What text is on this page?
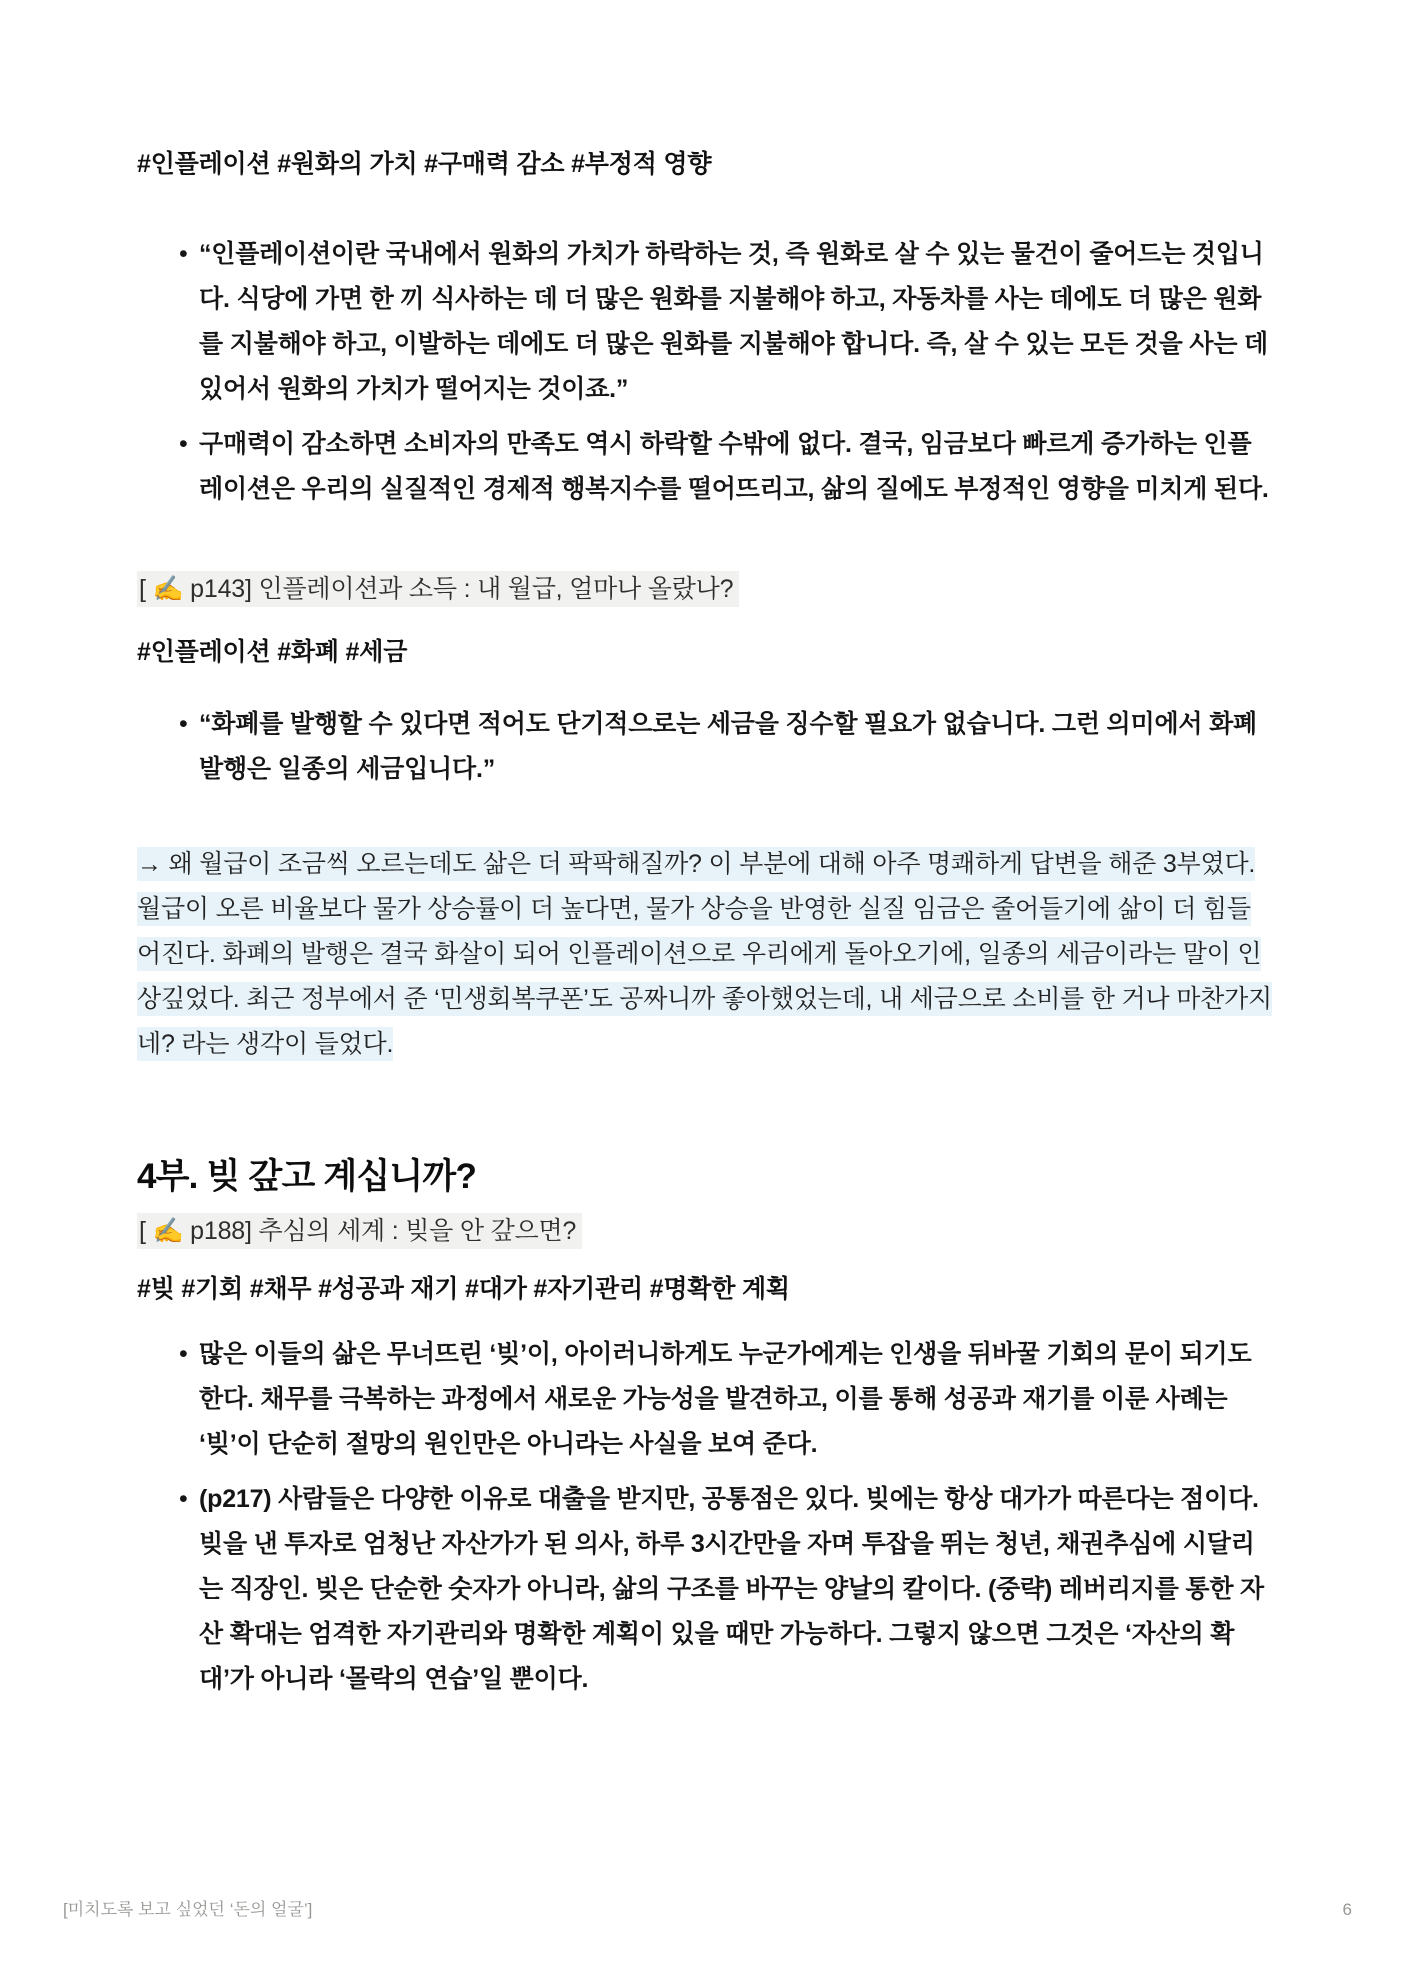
#인플레이션 #원화의 가치 #구매력 감소 #부정적 영향

• “인플레이션이란 국내에서 원화의 가치가 하락하는 것, 즉 원화로 살 수 있는 물건이 줄어드는 것입니다. 식당에 가면 한 끼 식사하는 데 더 많은 원화를 지불해야 하고, 자동차를 사는 데에도 더 많은 원화를 지불해야 하고, 이발하는 데에도 더 많은 원화를 지불해야 합니다. 즉, 살 수 있는 모든 것을 사는 데 있어서 원화의 가치가 떨어지는 것이죠.”
• 구매력이 감소하면 소비자의 만족도 역시 하락할 수밖에 없다. 결국, 임금보다 빠르게 증가하는 인플레이션은 우리의 실질적인 경제적 행복지수를 떨어뜨리고, 삶의 질에도 부정적인 영향을 미치게 된다.

[ ✍️ p143] 인플레이션과 소득 : 내 월급, 얼마나 올랐나?

#인플레이션 #화폐 #세금

• “화폐를 발행할 수 있다면 적어도 단기적으로는 세금을 징수할 필요가 없습니다. 그런 의미에서 화폐 발행은 일종의 세금입니다.”

→ 왜 월급이 조금씩 오르는데도 삶은 더 팍팍해질까? 이 부분에 대해 아주 명쾌하게 답변을 해준 3부였다. 월급이 오른 비율보다 물가 상승률이 더 높다면, 물가 상승을 반영한 실질 임금은 줄어들기에 삶이 더 힘들어진다. 화폐의 발행은 결국 화살이 되어 인플레이션으로 우리에게 돌아오기에, 일종의 세금이라는 말이 인상깊었다. 최근 정부에서 준 ‘민생회복쿠폰’도 공짜니까 좋아했었는데, 내 세금으로 소비를 한 거나 마찬가지네? 라는 생각이 들었다.

4부. 빚 갚고 계십니까?

[ ✍️ p188] 추심의 세계 : 빚을 안 갚으면?

#빚 #기회 #채무 #성공과 재기 #대가 #자기관리 #명확한 계획

• 많은 이들의 삶은 무너뜨린 ‘빚’이, 아이러니하게도 누군가에게는 인생을 뒤바꿀 기회의 문이 되기도 한다. 채무를 극복하는 과정에서 새로운 가능성을 발견하고, 이를 통해 성공과 재기를 이룬 사례는 ‘빚’이 단순히 절망의 원인만은 아니라는 사실을 보여 준다.
• (p217) 사람들은 다양한 이유로 대출을 받지만, 공통점은 있다. 빚에는 항상 대가가 따른다는 점이다. 빚을 낸 투자로 엄청난 자산가가 된 의사, 하루 3시간만을 자며 투잡을 뛰는 청년, 채권추심에 시달리는 직장인. 빚은 단순한 숫자가 아니라, 삶의 구조를 바꾸는 양날의 칼이다. (중략) 레버리지를 통한 자산 확대는 엄격한 자기관리와 명확한 계획이 있을 때만 가능하다. 그렇지 않으면 그것은 ‘자산의 확대’가 아니라 ‘몰락의 연습’일 뿐이다.
[미치도록 보고 싶었던 ‘돈의 얼굴’]	6
